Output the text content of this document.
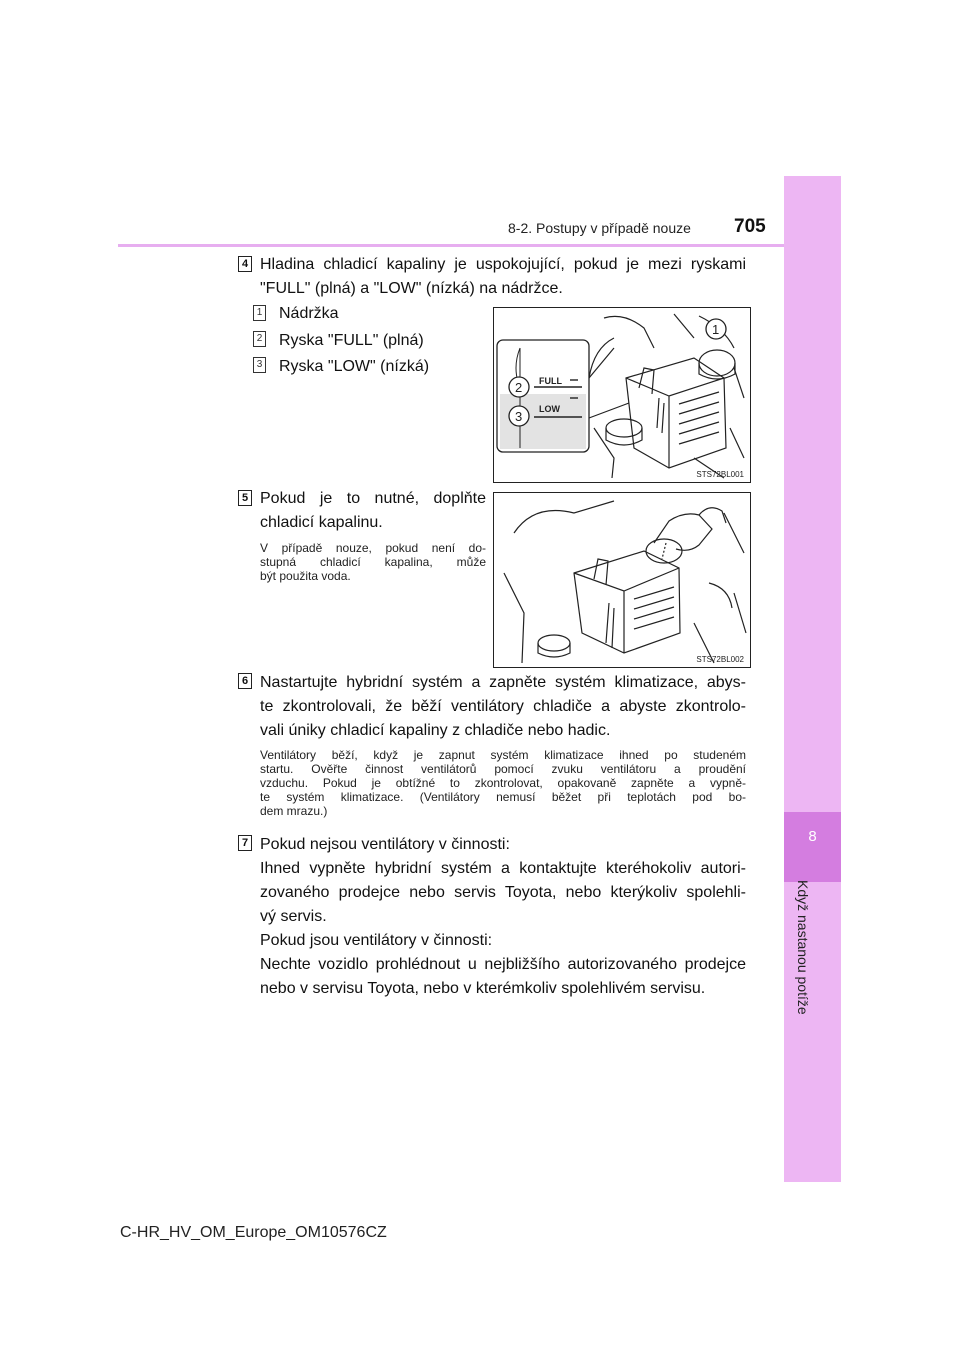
8
Když nastanou potíže
8-2. Postupy v případě nouze 705
4 Hladina chladicí kapaliny je uspokojující, pokud je mezi ryskami
"FULL" (plná) a "LOW" (nízká) na nádržce.
1 Nádržka
2 Ryska "FULL" (plná)
3 Ryska "LOW" (nízká)
FULL
LOW
1
2
3
STS72BL001
5 Pokud je to nutné, doplňte
chladicí kapalinu.
V případě nouze, pokud není do-
stupná chladicí kapalina, může
být použita voda.
STS72BL002
6 Nastartujte hybridní systém a zapněte systém klimatizace, abys-
te zkontrolovali, že běží ventilátory chladiče a abyste zkontrolo-
vali úniky chladicí kapaliny z chladiče nebo hadic.
Ventilátory běží, když je zapnut systém klimatizace ihned po studeném
startu. Ověřte činnost ventilátorů pomocí zvuku ventilátoru a proudění
vzduchu. Pokud je obtížné to zkontrolovat, opakovaně zapněte a vypně-
te systém klimatizace. (Ventilátory nemusí běžet při teplotách pod bo-
dem mrazu.)
7 Pokud nejsou ventilátory v činnosti:
Ihned vypněte hybridní systém a kontaktujte kteréhokoliv autori-
zovaného prodejce nebo servis Toyota, nebo kterýkoliv spolehli-
vý servis.
Pokud jsou ventilátory v činnosti:
Nechte vozidlo prohlédnout u nejbližšího autorizovaného prodejce
nebo v servisu Toyota, nebo v kterémkoliv spolehlivém servisu.
C-HR_HV_OM_Europe_OM10576CZ
